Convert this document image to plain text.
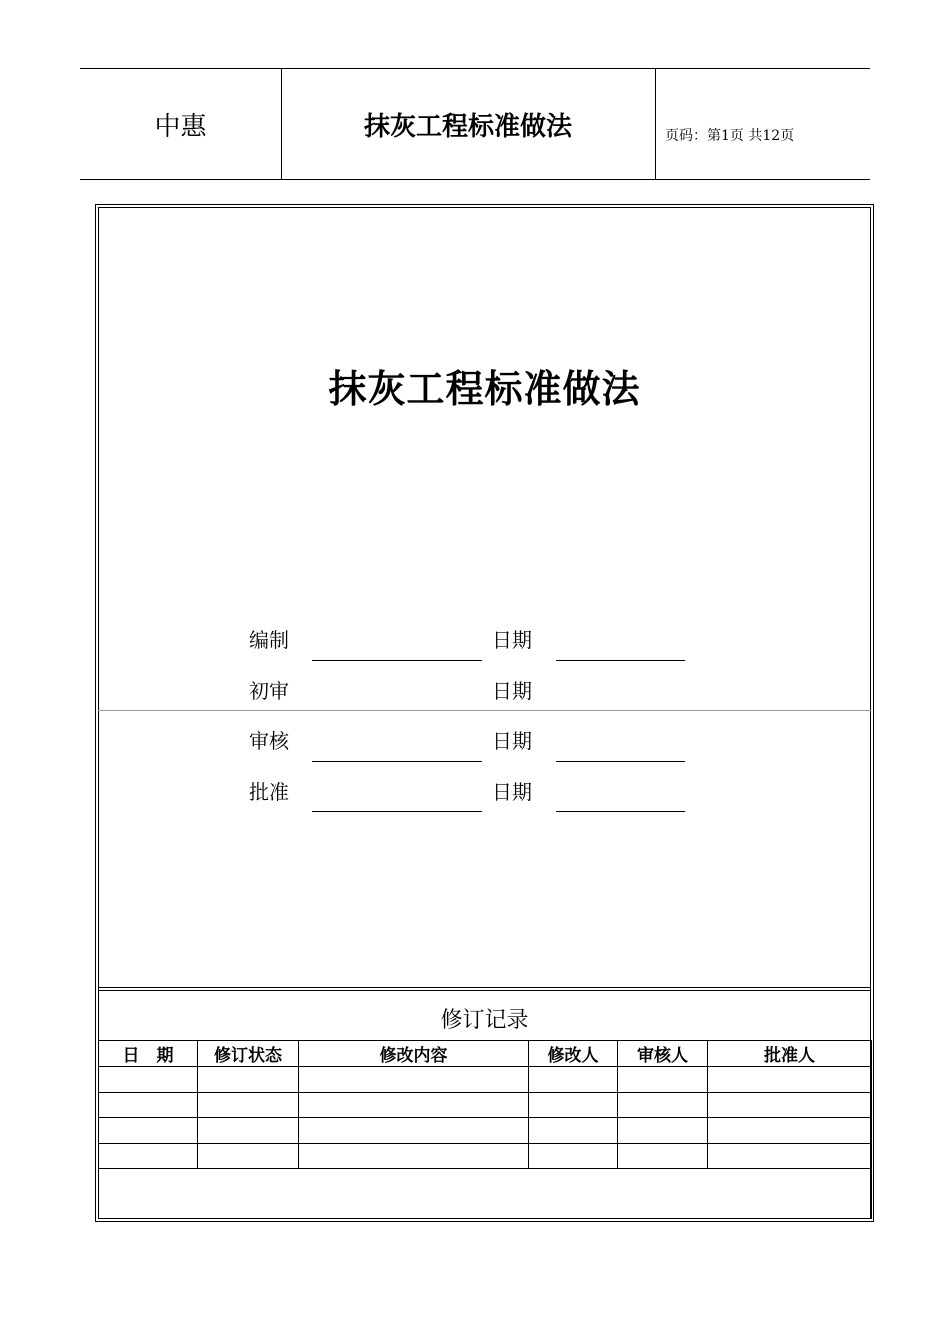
中惠	抹灰工程标准做法	页码：第1页 共12页
抹灰工程标准做法
编制	日期
初审	日期
审核	日期
批准	日期
修订记录
日　期	修订状态	修改内容	修改人	审核人	批准人
